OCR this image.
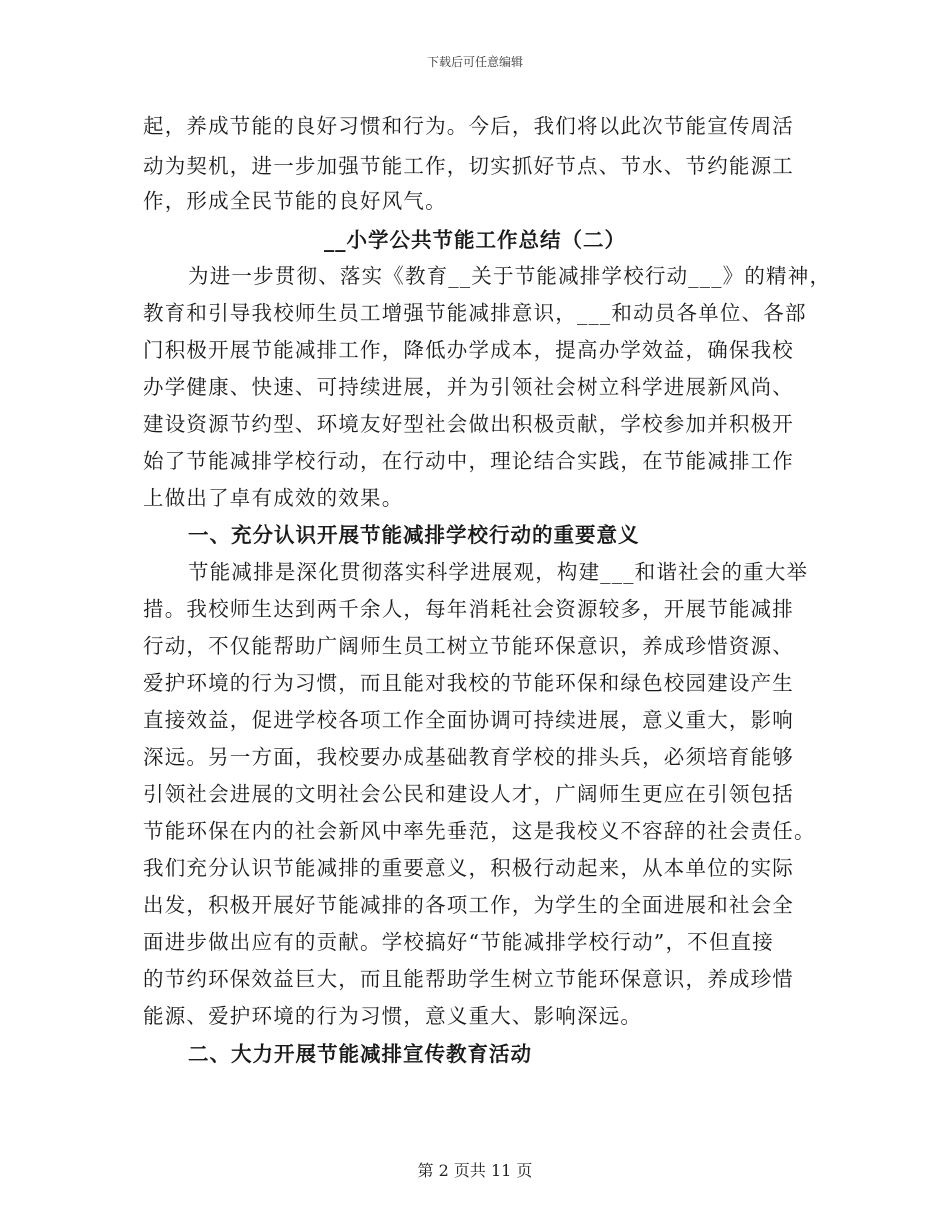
下载后可任意编辑
起，养成节能的良好习惯和行为。今后，我们将以此次节能宣传周活
动为契机，进一步加强节能工作，切实抓好节点、节水、节约能源工
作，形成全民节能的良好风气。
__小学公共节能工作总结（二）
为进一步贯彻、落实《教育__关于节能减排学校行动___》的精神，
教育和引导我校师生员工增强节能减排意识，___和动员各单位、各部
门积极开展节能减排工作，降低办学成本，提高办学效益，确保我校
办学健康、快速、可持续进展，并为引领社会树立科学进展新风尚、
建设资源节约型、环境友好型社会做出积极贡献，学校参加并积极开
始了节能减排学校行动，在行动中，理论结合实践，在节能减排工作
上做出了卓有成效的效果。
一、充分认识开展节能减排学校行动的重要意义
节能减排是深化贯彻落实科学进展观，构建___和谐社会的重大举
措。我校师生达到两千余人，每年消耗社会资源较多，开展节能减排
行动，不仅能帮助广阔师生员工树立节能环保意识，养成珍惜资源、
爱护环境的行为习惯，而且能对我校的节能环保和绿色校园建设产生
直接效益，促进学校各项工作全面协调可持续进展，意义重大，影响
深远。另一方面，我校要办成基础教育学校的排头兵，必须培育能够
引领社会进展的文明社会公民和建设人才，广阔师生更应在引领包括
节能环保在内的社会新风中率先垂范，这是我校义不容辞的社会责任。
我们充分认识节能减排的重要意义，积极行动起来，从本单位的实际
出发，积极开展好节能减排的各项工作，为学生的全面进展和社会全
面进步做出应有的贡献。学校搞好“节能减排学校行动”，不但直接
的节约环保效益巨大，而且能帮助学生树立节能环保意识，养成珍惜
能源、爱护环境的行为习惯，意义重大、影响深远。
二、大力开展节能减排宣传教育活动
第 2 页共 11 页
